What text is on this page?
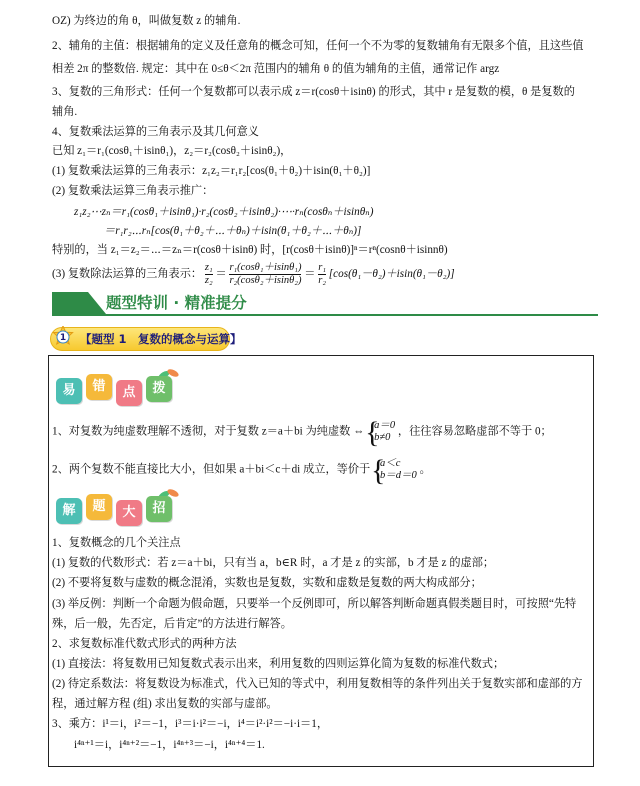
OZ) 为终边的角 θ，叫做复数 z 的辅角.
2、辅角的主值：根据辅角的定义及任意角的概念可知，任何一个不为零的复数辅角有无限多个值，且这些值
相差 2π 的整数倍. 规定：其中在 0≤θ＜2π 范围内的辅角 θ 的值为辅角的主值，通常记作 argz
3、复数的三角形式：任何一个复数都可以表示成 z＝r(cosθ＋isinθ) 的形式，其中 r 是复数的模，θ 是复数的
辅角.
4、复数乘法运算的三角表示及其几何意义
已知 z₁＝r₁(cosθ₁＋isinθ₁)，z₂＝r₂(cosθ₂＋isinθ₂)，
(1) 复数乘法运算的三角表示：z₁z₂＝r₁r₂[cos(θ₁＋θ₂)＋isin(θ₁＋θ₂)]
(2) 复数乘法运算三角表示推广：
z₁z₂⋯zₙ＝r₁(cosθ₁＋isinθ₁)·r₂(cosθ₂＋isinθ₂)·⋯·rₙ(cosθₙ＋isinθₙ)
＝r₁r₂⋯rₙ[cos(θ₁＋θ₂＋⋯＋θₙ)＋isin(θ₁＋θ₂＋⋯＋θₙ)]
特别的，当 z₁＝z₂＝⋯＝zₙ＝r(cosθ＋isinθ) 时，[r(cosθ＋isinθ)]ⁿ＝rⁿ(cosnθ＋isinnθ)
(3) 复数除法运算的三角表示： $\frac{\text{z₁}}{\text{z₂}} = \frac{\text{r₁(cosθ₁＋isinθ₁)}}{\text{r₂(cosθ₂＋isinθ₂)}} = \frac{\text{r₁}}{\text{r₂}} [\cos(\theta_1-\theta_2)+isin(\theta_1-\theta_2)]$
题型特训 · 精准提分
1 【题型 1　复数的概念与运算】
易	错	点	拨
1、对复数为纯虚数理解不透彻，对于复数 z＝a＋bi 为纯虚数 ⇔
{ a＝0
b≠0 ，往往容易忽略虚部不等于 0；
2、两个复数不能直接比大小，但如果 a＋bi＜c＋di 成立，等价于
{ a＜c
b＝d＝0 。
解	题	大	招
1、复数概念的几个关注点
(1) 复数的代数形式：若 z＝a＋bi，只有当 a，b∈R 时，a 才是 z 的实部，b 才是 z 的虚部；
(2) 不要将复数与虚数的概念混淆，实数也是复数，实数和虚数是复数的两大构成部分；
(3) 举反例：判断一个命题为假命题，只要举一个反例即可，所以解答判断命题真假类题目时，可按照“先特
殊，后一般，先否定，后肯定”的方法进行解答。
2、求复数标准代数式形式的两种方法
(1) 直接法：将复数用已知复数式表示出来，利用复数的四则运算化简为复数的标准代数式；
(2) 待定系数法：将复数设为标准式，代入已知的等式中，利用复数相等的条件列出关于复数实部和虚部的方
程，通过解方程 (组) 求出复数的实部与虚部。
3、乘方：i¹＝i，i²＝−1，i³＝i·i²＝−i，i⁴＝i²·i²＝−i·i＝1，
i⁴ⁿ⁺¹＝i，i⁴ⁿ⁺²＝−1，i⁴ⁿ⁺³＝−i，i⁴ⁿ⁺⁴＝1.
